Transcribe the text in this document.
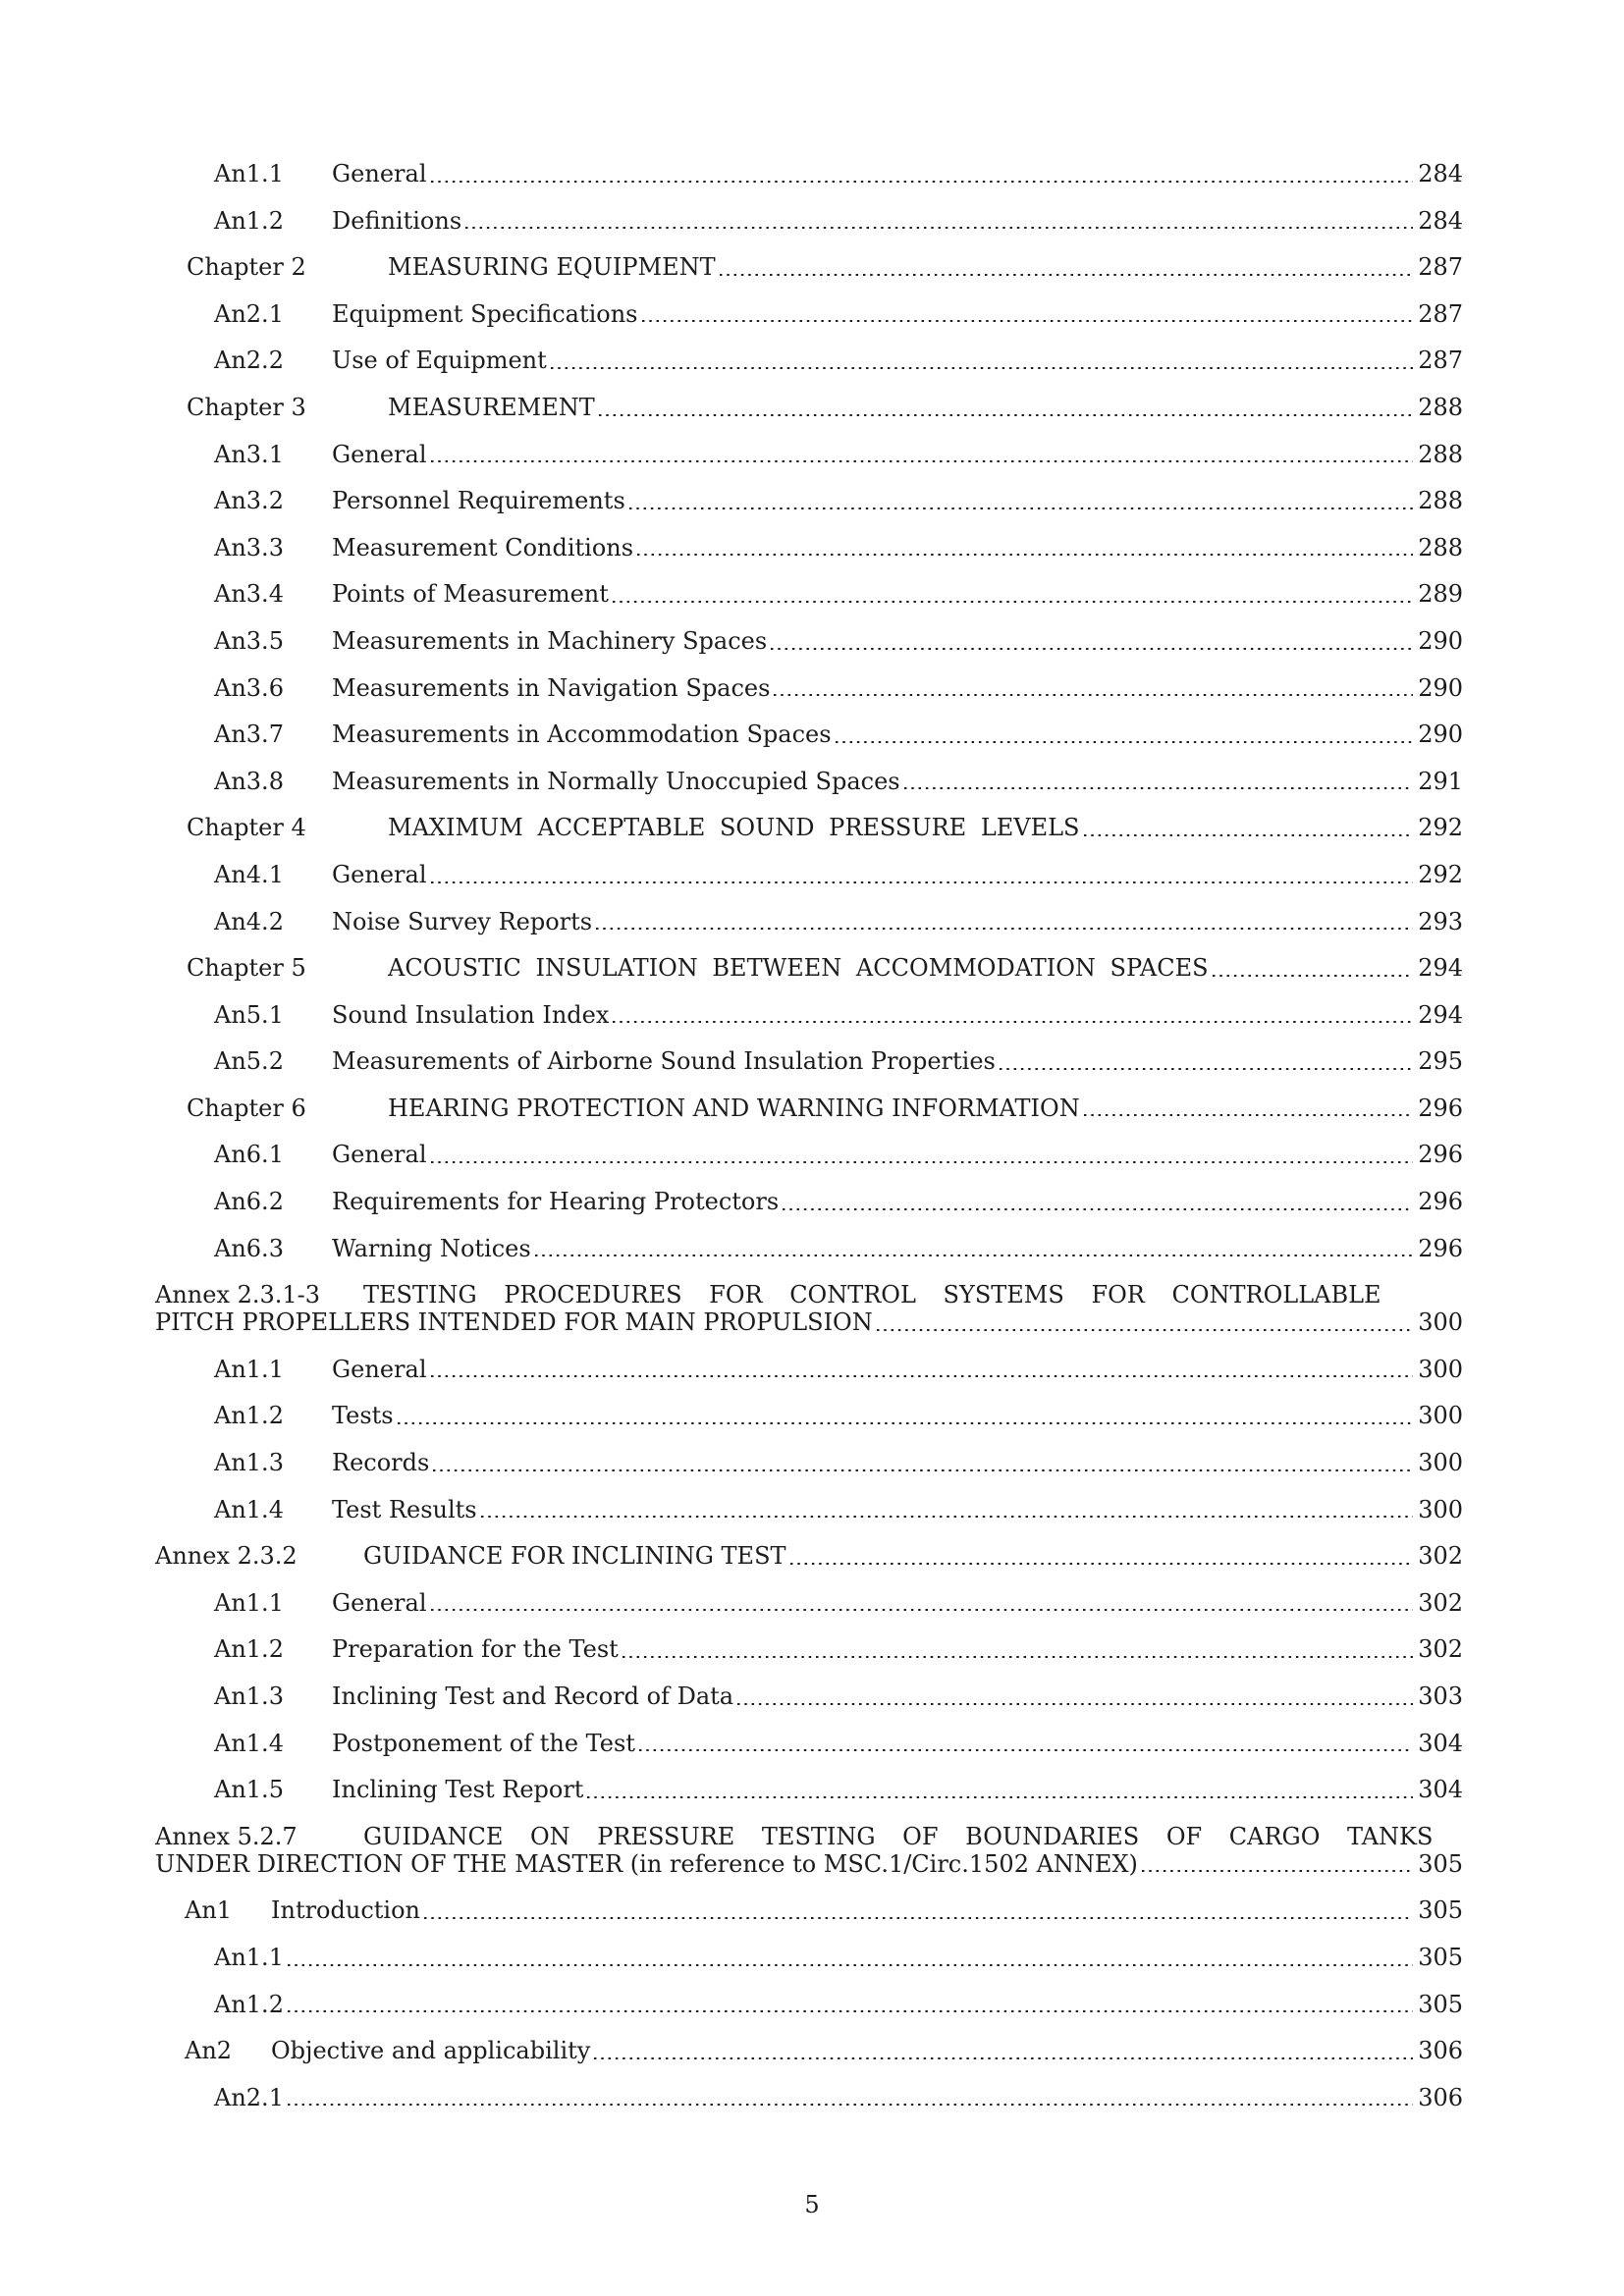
An1.1	General	284
An1.2	Definitions	284
Chapter 2	MEASURING EQUIPMENT	287
An2.1	Equipment Specifications	287
An2.2	Use of Equipment	287
Chapter 3	MEASUREMENT	288
An3.1	General	288
An3.2	Personnel Requirements	288
An3.3	Measurement Conditions	288
An3.4	Points of Measurement	289
An3.5	Measurements in Machinery Spaces	290
An3.6	Measurements in Navigation Spaces	290
An3.7	Measurements in Accommodation Spaces	290
An3.8	Measurements in Normally Unoccupied Spaces	291
Chapter 4	MAXIMUM ACCEPTABLE SOUND PRESSURE LEVELS	292
An4.1	General	292
An4.2	Noise Survey Reports	293
Chapter 5	ACOUSTIC INSULATION BETWEEN ACCOMMODATION SPACES	294
An5.1	Sound Insulation Index	294
An5.2	Measurements of Airborne Sound Insulation Properties	295
Chapter 6	HEARING PROTECTION AND WARNING INFORMATION	296
An6.1	General	296
An6.2	Requirements for Hearing Protectors	296
An6.3	Warning Notices	296
Annex 2.3.1-3	TESTING PROCEDURES FOR CONTROL SYSTEMS FOR CONTROLLABLE
PITCH PROPELLERS INTENDED FOR MAIN PROPULSION	300
An1.1	General	300
An1.2	Tests	300
An1.3	Records	300
An1.4	Test Results	300
Annex 2.3.2	GUIDANCE FOR INCLINING TEST	302
An1.1	General	302
An1.2	Preparation for the Test	302
An1.3	Inclining Test and Record of Data	303
An1.4	Postponement of the Test	304
An1.5	Inclining Test Report	304
Annex 5.2.7	GUIDANCE ON PRESSURE TESTING OF BOUNDARIES OF CARGO TANKS
UNDER DIRECTION OF THE MASTER (in reference to MSC.1/Circ.1502 ANNEX)	305
An1	Introduction	305
An1.1	305
An1.2	305
An2	Objective and applicability	306
An2.1	306
5
